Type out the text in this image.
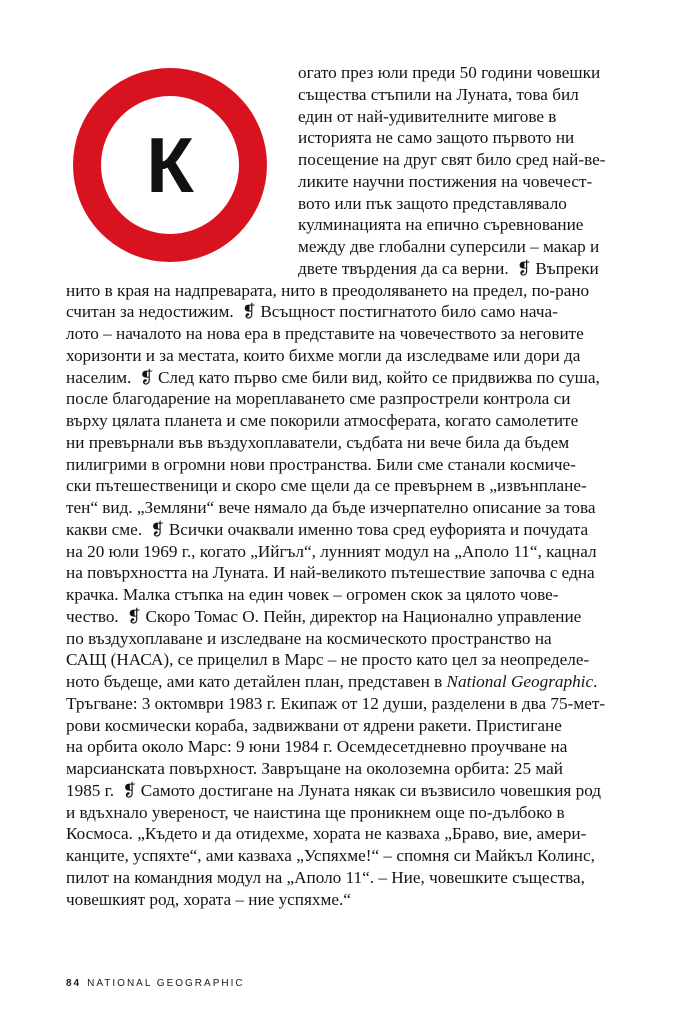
К
огато през юли преди 50 години човешки
същества стъпили на Луната, това бил
един от най-удивителните мигове в
историята не само защото първото ни
посещение на друг свят било сред най-ве-
ликите научни постижения на човечест-
вото или пък защото представлявало
кулминацията на епично съревнование
между две глобални суперсили – макар и
двете твърдения да са верни. ❡ Въпреки
нито в края на надпреварата, нито в преодоляването на предел, по-рано
считан за недостижим. ❡ Всъщност постигнатото било само нача-
лото – началото на нова ера в представите на човечеството за неговите
хоризонти и за местата, които бихме могли да изследваме или дори да
населим. ❡ След като първо сме били вид, който се придвижва по суша,
после благодарение на мореплаването сме разпрострели контрола си
върху цялата планета и сме покорили атмосферата, когато самолетите
ни превърнали във въздухоплаватели, съдбата ни вече била да бъдем
пилигрими в огромни нови пространства. Били сме станали космиче-
ски пътешественици и скоро сме щели да се превърнем в „извънплане-
тен“ вид. „Земляни“ вече нямало да бъде изчерпателно описание за това
какви сме. ❡ Всички очаквали именно това сред еуфорията и почудата
на 20 юли 1969 г., когато „Ийгъл“, лунният модул на „Аполо 11“, кацнал
на повърхността на Луната. И най-великото пътешествие започва с една
крачка. Малка стъпка на един човек – огромен скок за цялото чове-
чество. ❡ Скоро Томас О. Пейн, директор на Национално управление
по въздухоплаване и изследване на космическото пространство на
САЩ (НАСА), се прицелил в Марс – не просто като цел за неопределе-
ното бъдеще, ами като детайлен план, представен в National Geographic.
Тръгване: 3 октомври 1983 г. Екипаж от 12 души, разделени в два 75-мет-
рови космически кораба, задвижвани от ядрени ракети. Пристигане
на орбита около Марс: 9 юни 1984 г. Осемдесетдневно проучване на
марсианската повърхност. Завръщане на околоземна орбита: 25 май
1985 г. ❡ Самото достигане на Луната някак си възвисило човешкия род
и вдъхнало увереност, че наистина ще проникнем още по-дълбоко в
Космоса. „Където и да отидехме, хората не казваха „Браво, вие, амери-
канците, успяхте“, ами казваха „Успяхме!“ – спомня си Майкъл Колинс,
пилот на командния модул на „Аполо 11“. – Ние, човешките същества,
човешкият род, хората – ние успяхме.“
84 NATIONAL GEOGRAPHIC
